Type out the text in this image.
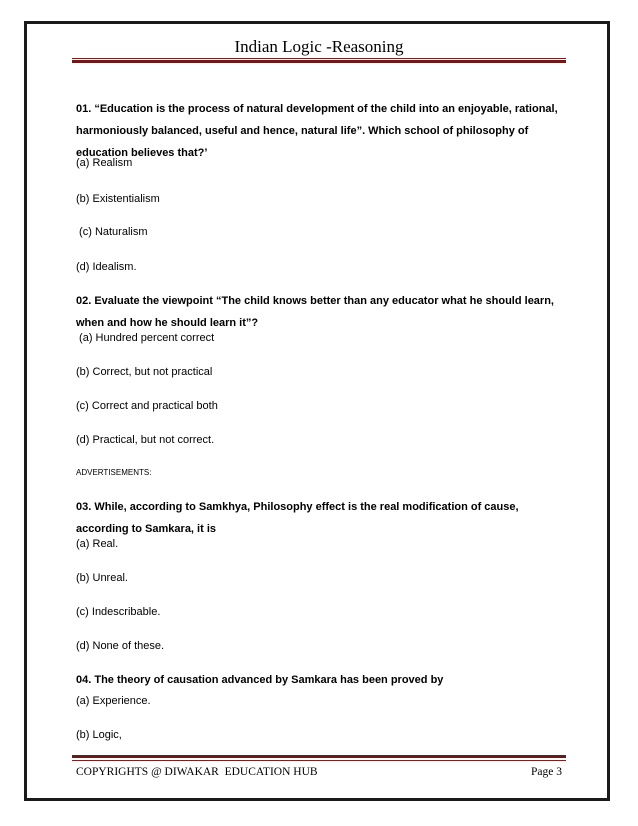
Indian Logic -Reasoning
01. “Education is the process of natural development of the child into an enjoyable, rational, harmoniously balanced, useful and hence, natural life”. Which school of philosophy of education believes that?’
(a) Realism
(b) Existentialism
(c) Naturalism
(d) Idealism.
02. Evaluate the viewpoint “The child knows better than any educator what he should learn, when and how he should learn it”?
(a) Hundred percent correct
(b) Correct, but not practical
(c) Correct and practical both
(d) Practical, but not correct.
ADVERTISEMENTS:
03. While, according to Samkhya, Philosophy effect is the real modification of cause, according to Samkara, it is
(a) Real.
(b) Unreal.
(c) Indescribable.
(d) None of these.
04. The theory of causation advanced by Samkara has been proved by
(a) Experience.
(b) Logic,
COPYRIGHTS @ DIWAKAR  EDUCATION HUB	Page 3
